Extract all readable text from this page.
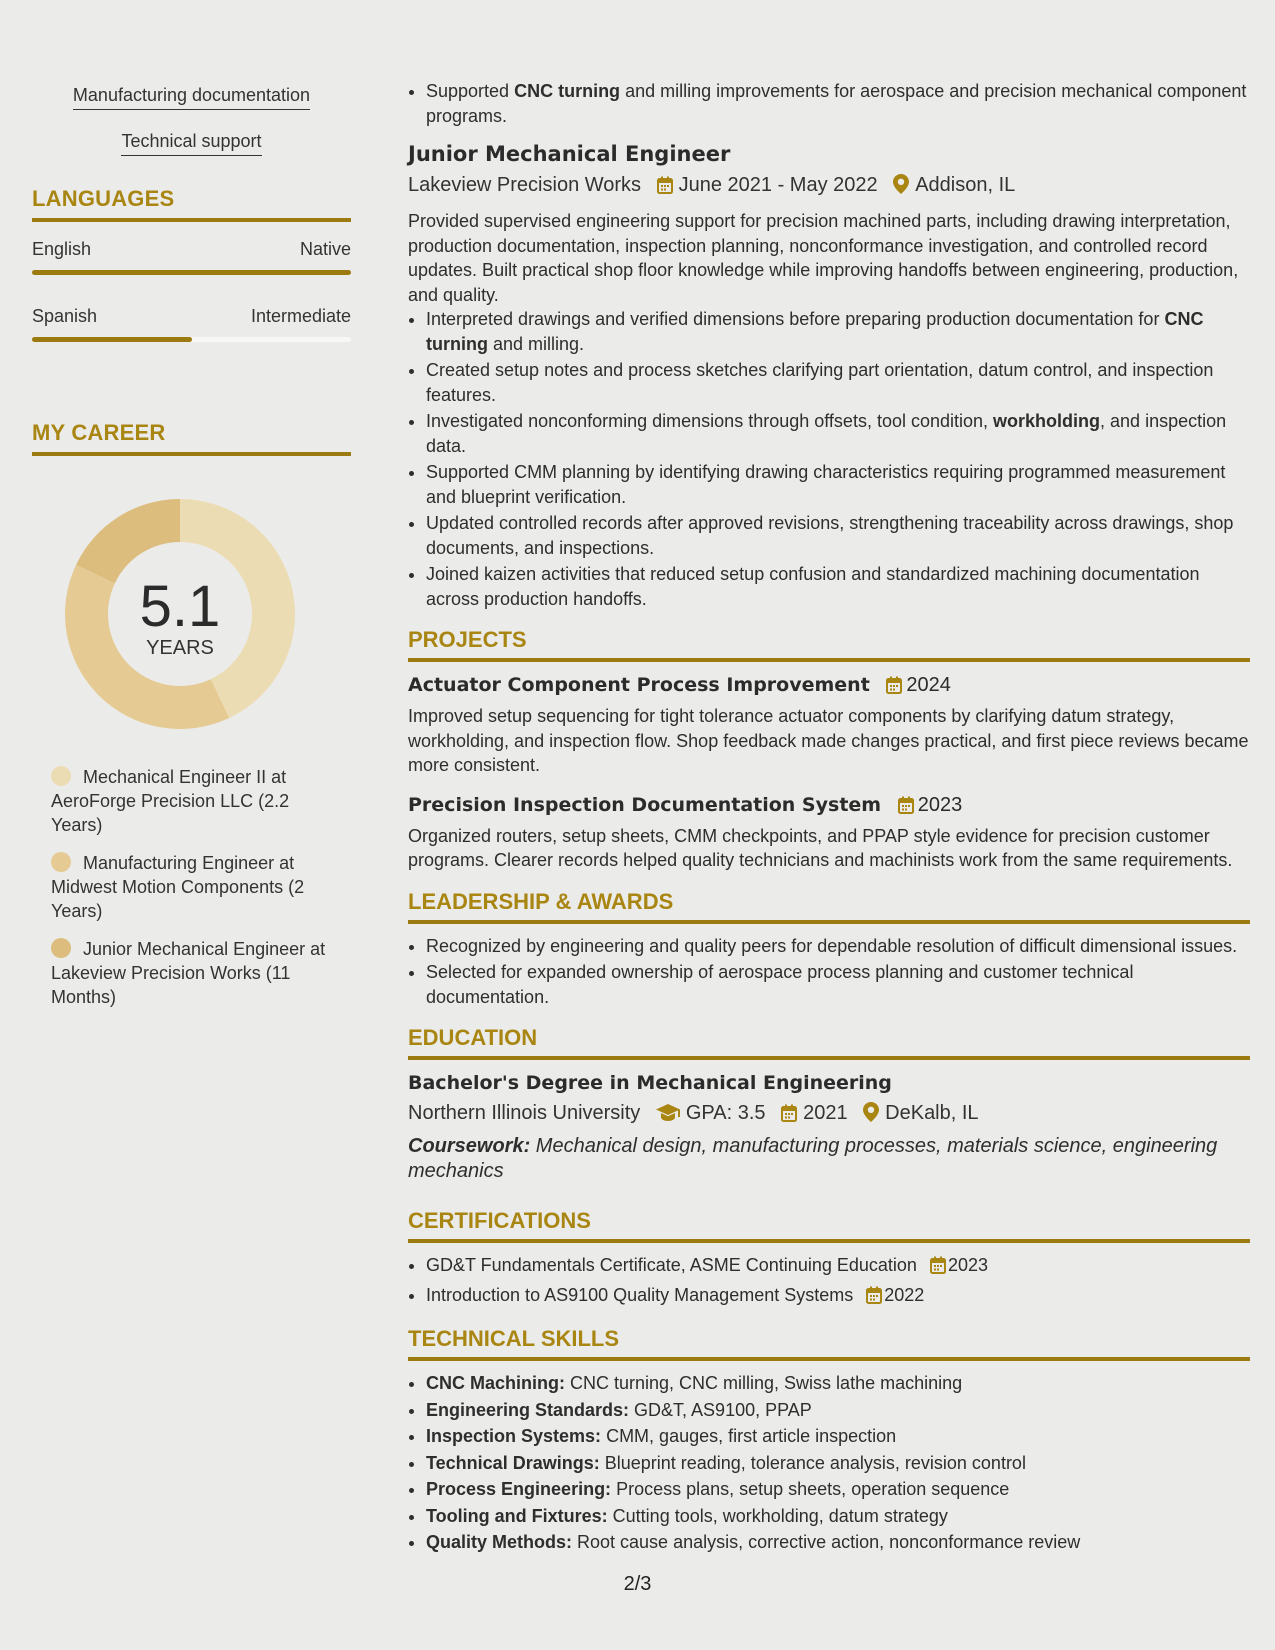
Manufacturing documentation
Technical support
LANGUAGES
English	Native
Spanish	Intermediate
MY CAREER
5.1
YEARS
Mechanical Engineer II at AeroForge Precision LLC (2.2 Years)
Manufacturing Engineer at Midwest Motion Components (2 Years)
Junior Mechanical Engineer at Lakeview Precision Works (11 Months)
• Supported CNC turning and milling improvements for aerospace and precision mechanical component programs.
Junior Mechanical Engineer
Lakeview Precision Works June 2021 - May 2022 Addison, IL
Provided supervised engineering support for precision machined parts, including drawing interpretation, production documentation, inspection planning, nonconformance investigation, and controlled record updates. Built practical shop floor knowledge while improving handoffs between engineering, production, and quality.
• Interpreted drawings and verified dimensions before preparing production documentation for CNC turning and milling.
• Created setup notes and process sketches clarifying part orientation, datum control, and inspection features.
• Investigated nonconforming dimensions through offsets, tool condition, workholding, and inspection data.
• Supported CMM planning by identifying drawing characteristics requiring programmed measurement and blueprint verification.
• Updated controlled records after approved revisions, strengthening traceability across drawings, shop documents, and inspections.
• Joined kaizen activities that reduced setup confusion and standardized machining documentation across production handoffs.
PROJECTS
Actuator Component Process Improvement 2024
Improved setup sequencing for tight tolerance actuator components by clarifying datum strategy, workholding, and inspection flow. Shop feedback made changes practical, and first piece reviews became more consistent.
Precision Inspection Documentation System 2023
Organized routers, setup sheets, CMM checkpoints, and PPAP style evidence for precision customer programs. Clearer records helped quality technicians and machinists work from the same requirements.
LEADERSHIP & AWARDS
• Recognized by engineering and quality peers for dependable resolution of difficult dimensional issues.
• Selected for expanded ownership of aerospace process planning and customer technical documentation.
EDUCATION
Bachelor's Degree in Mechanical Engineering
Northern Illinois University GPA: 3.5 2021 DeKalb, IL
Coursework: Mechanical design, manufacturing processes, materials science, engineering mechanics
CERTIFICATIONS
• GD&T Fundamentals Certificate, ASME Continuing Education 2023
• Introduction to AS9100 Quality Management Systems 2022
TECHNICAL SKILLS
• CNC Machining: CNC turning, CNC milling, Swiss lathe machining
• Engineering Standards: GD&T, AS9100, PPAP
• Inspection Systems: CMM, gauges, first article inspection
• Technical Drawings: Blueprint reading, tolerance analysis, revision control
• Process Engineering: Process plans, setup sheets, operation sequence
• Tooling and Fixtures: Cutting tools, workholding, datum strategy
• Quality Methods: Root cause analysis, corrective action, nonconformance review
2/3
